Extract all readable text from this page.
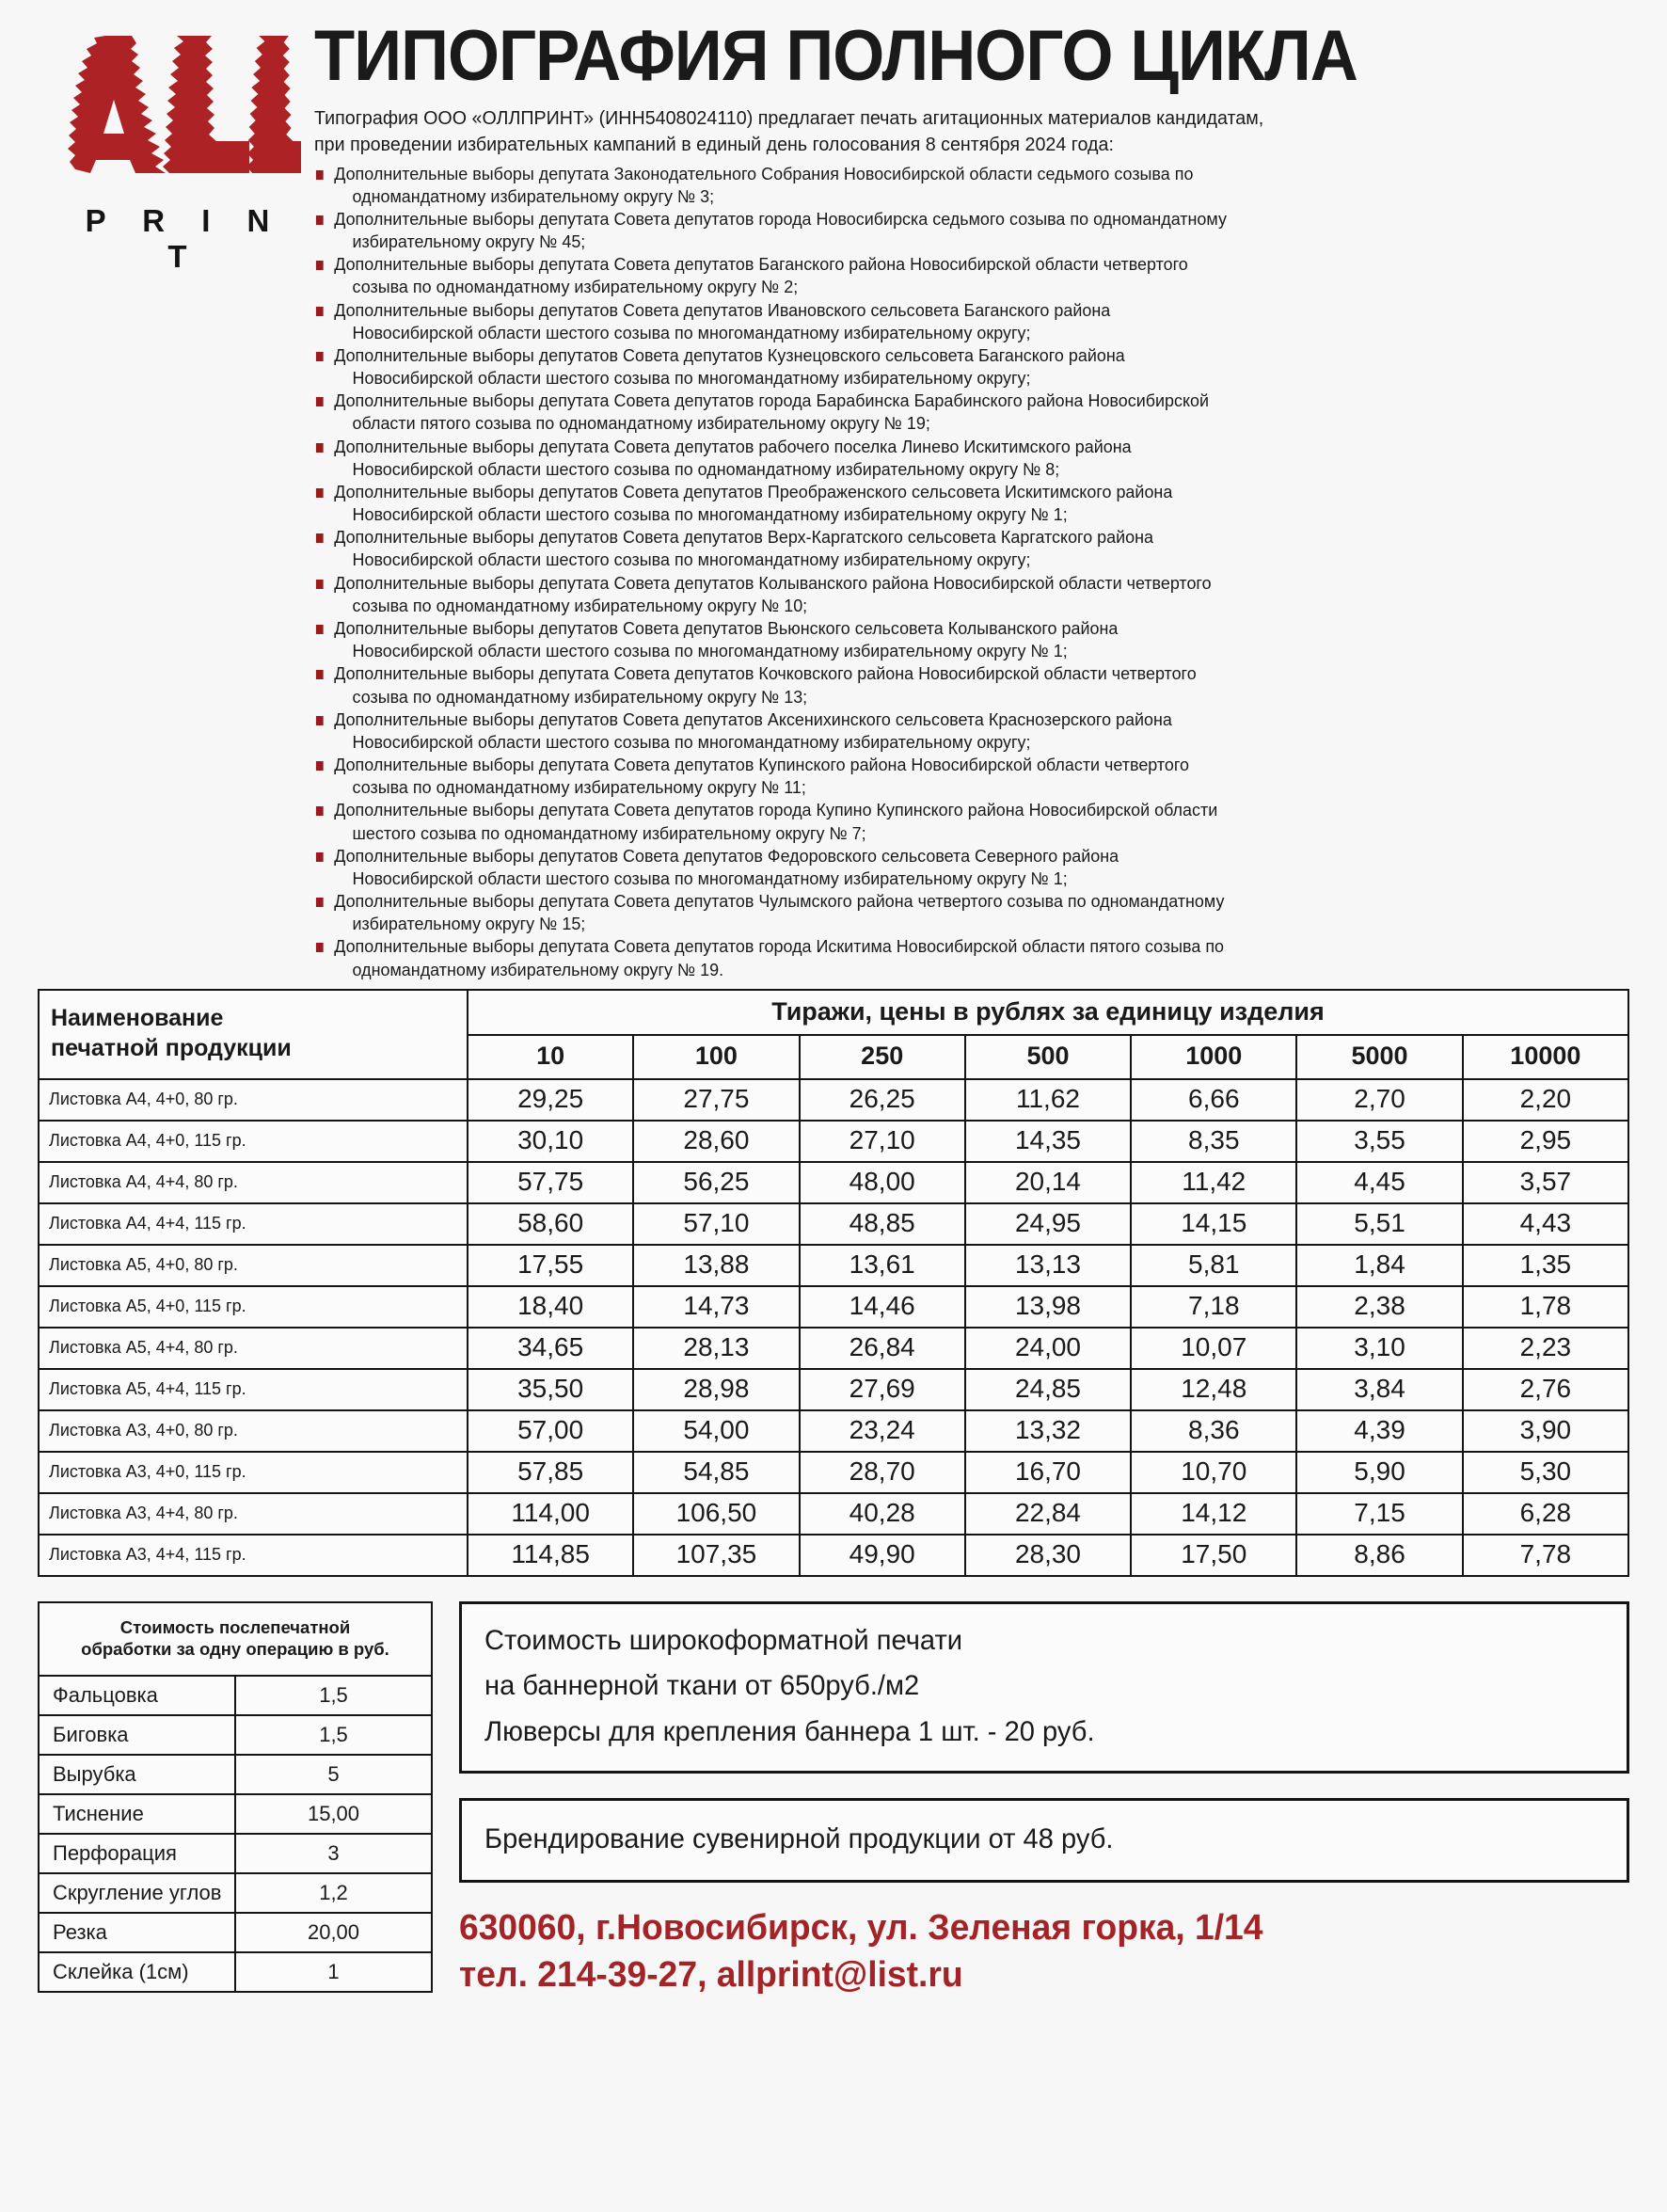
P R I N T
ТИПОГРАФИЯ ПОЛНОГО ЦИКЛА
Типография ООО «ОЛЛПРИНТ» (ИНН5408024110) предлагает печать агитационных материалов кандидатам,
при проведении избирательных кампаний в единый день голосования 8 сентября 2024 года:
Дополнительные выборы депутата Законодательного Собрания Новосибирской области седьмого созыва по
одномандатному избирательному округу № 3;
Дополнительные выборы депутата Совета депутатов города Новосибирска седьмого созыва по одномандатному
избирательному округу № 45;
Дополнительные выборы депутата Совета депутатов Баганского района Новосибирской области четвертого
созыва по одномандатному избирательному округу № 2;
Дополнительные выборы депутатов Совета депутатов Ивановского сельсовета Баганского района
Новосибирской области шестого созыва по многомандатному избирательному округу;
Дополнительные выборы депутатов Совета депутатов Кузнецовского сельсовета Баганского района
Новосибирской области шестого созыва по многомандатному избирательному округу;
Дополнительные выборы депутата Совета депутатов города Барабинска Барабинского района Новосибирской
области пятого созыва по одномандатному избирательному округу № 19;
Дополнительные выборы депутата Совета депутатов рабочего поселка Линево Искитимского района
Новосибирской области шестого созыва по одномандатному избирательному округу № 8;
Дополнительные выборы депутатов Совета депутатов Преображенского сельсовета Искитимского района
Новосибирской области шестого созыва по многомандатному избирательному округу № 1;
Дополнительные выборы депутатов Совета депутатов Верх-Каргатского сельсовета Каргатского района
Новосибирской области шестого созыва по многомандатному избирательному округу;
Дополнительные выборы депутата Совета депутатов Колыванского района Новосибирской области четвертого
созыва по одномандатному избирательному округу № 10;
Дополнительные выборы депутатов Совета депутатов Вьюнского сельсовета Колыванского района
Новосибирской области шестого созыва по многомандатному избирательному округу № 1;
Дополнительные выборы депутата Совета депутатов Кочковского района Новосибирской области четвертого
созыва по одномандатному избирательному округу № 13;
Дополнительные выборы депутатов Совета депутатов Аксенихинского сельсовета Краснозерского района
Новосибирской области шестого созыва по многомандатному избирательному округу;
Дополнительные выборы депутата Совета депутатов Купинского района Новосибирской области четвертого
созыва по одномандатному избирательному округу № 11;
Дополнительные выборы депутата Совета депутатов города Купино Купинского района Новосибирской области
шестого созыва по одномандатному избирательному округу № 7;
Дополнительные выборы депутатов Совета депутатов Федоровского сельсовета Северного района
Новосибирской области шестого созыва по многомандатному избирательному округу № 1;
Дополнительные выборы депутата Совета депутатов Чулымского района четвертого созыва по одномандатному
избирательному округу № 15;
Дополнительные выборы депутата Совета депутатов города Искитима Новосибирской области пятого созыва по
одномандатному избирательному округу № 19.
Наименование
печатной продукции	Тиражи, цены в рублях за единицу изделия						
	10	100	250	500	1000	5000	10000
Листовка А4, 4+0, 80 гр.	29,25	27,75	26,25	11,62	6,66	2,70	2,20
Листовка А4, 4+0, 115 гр.	30,10	28,60	27,10	14,35	8,35	3,55	2,95
Листовка А4, 4+4, 80 гр.	57,75	56,25	48,00	20,14	11,42	4,45	3,57
Листовка А4, 4+4, 115 гр.	58,60	57,10	48,85	24,95	14,15	5,51	4,43
Листовка А5, 4+0, 80 гр.	17,55	13,88	13,61	13,13	5,81	1,84	1,35
Листовка А5, 4+0, 115 гр.	18,40	14,73	14,46	13,98	7,18	2,38	1,78
Листовка А5, 4+4, 80 гр.	34,65	28,13	26,84	24,00	10,07	3,10	2,23
Листовка А5, 4+4, 115 гр.	35,50	28,98	27,69	24,85	12,48	3,84	2,76
Листовка А3, 4+0, 80 гр.	57,00	54,00	23,24	13,32	8,36	4,39	3,90
Листовка А3, 4+0, 115 гр.	57,85	54,85	28,70	16,70	10,70	5,90	5,30
Листовка А3, 4+4, 80 гр.	114,00	106,50	40,28	22,84	14,12	7,15	6,28
Листовка А3, 4+4, 115 гр.	114,85	107,35	49,90	28,30	17,50	8,86	7,78
Стоимость послепечатной
обработки за одну операцию в руб.	

Фальцовка	1,5
Биговка	1,5
Вырубка	5
Тиснение	15,00
Перфорация	3
Скругление углов	1,2
Резка	20,00
Склейка (1см)	1

Стоимость широкоформатной печати

на баннерной ткани от 650руб./м2

Люверсы для крепления баннера 1 шт. - 20 руб.

Брендирование сувенирной продукции от 48 руб.

630060, г.Новосибирск, ул. Зеленая горка, 1/14
тел. 214-39-27, allprint@list.ru
